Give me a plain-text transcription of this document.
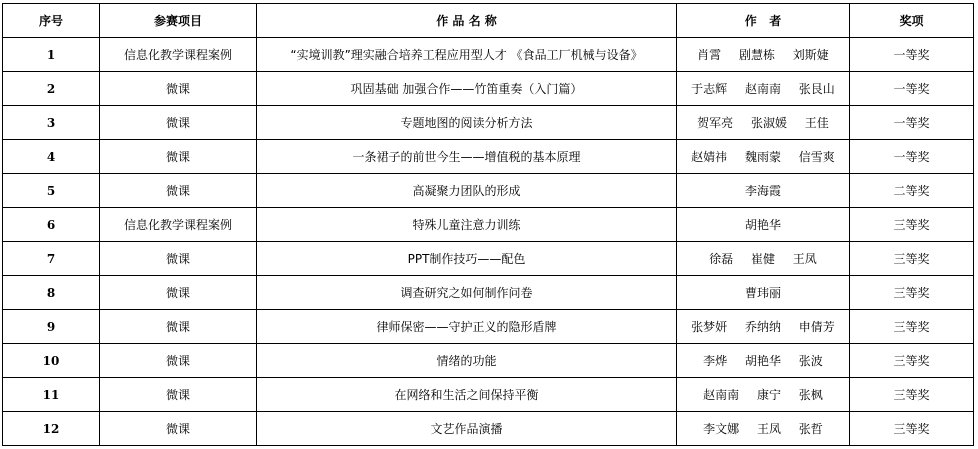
序号	参赛项目	作 品 名 称	作   者	奖项
1	信息化教学课程案例	“实境训教”理实融合培养工程应用型人才 《食品工厂机械与设备》	肖霄 剧慧栋 刘斯婕	一等奖
2	微课	巩固基础 加强合作——竹笛重奏（入门篇）	于志辉 赵南南 张艮山	一等奖
3	微课	专题地图的阅读分析方法	贺军亮 张淑媛 王佳	一等奖
4	微课	一条裙子的前世今生——增值税的基本原理	赵婧祎 魏雨蒙 信雪爽	一等奖
5	微课	高凝聚力团队的形成	李海霞	二等奖
6	信息化教学课程案例	特殊儿童注意力训练	胡艳华	三等奖
7	微课	PPT制作技巧——配色	徐磊 崔健 王凤	三等奖
8	微课	调查研究之如何制作问卷	曹玮丽	三等奖
9	微课	律师保密——守护正义的隐形盾牌	张梦妍 乔纳纳 申倩芳	三等奖
10	微课	情绪的功能	李烨 胡艳华 张波	三等奖
11	微课	在网络和生活之间保持平衡	赵南南 康宁 张枫	三等奖
12	微课	文艺作品演播	李文娜 王凤 张哲	三等奖
